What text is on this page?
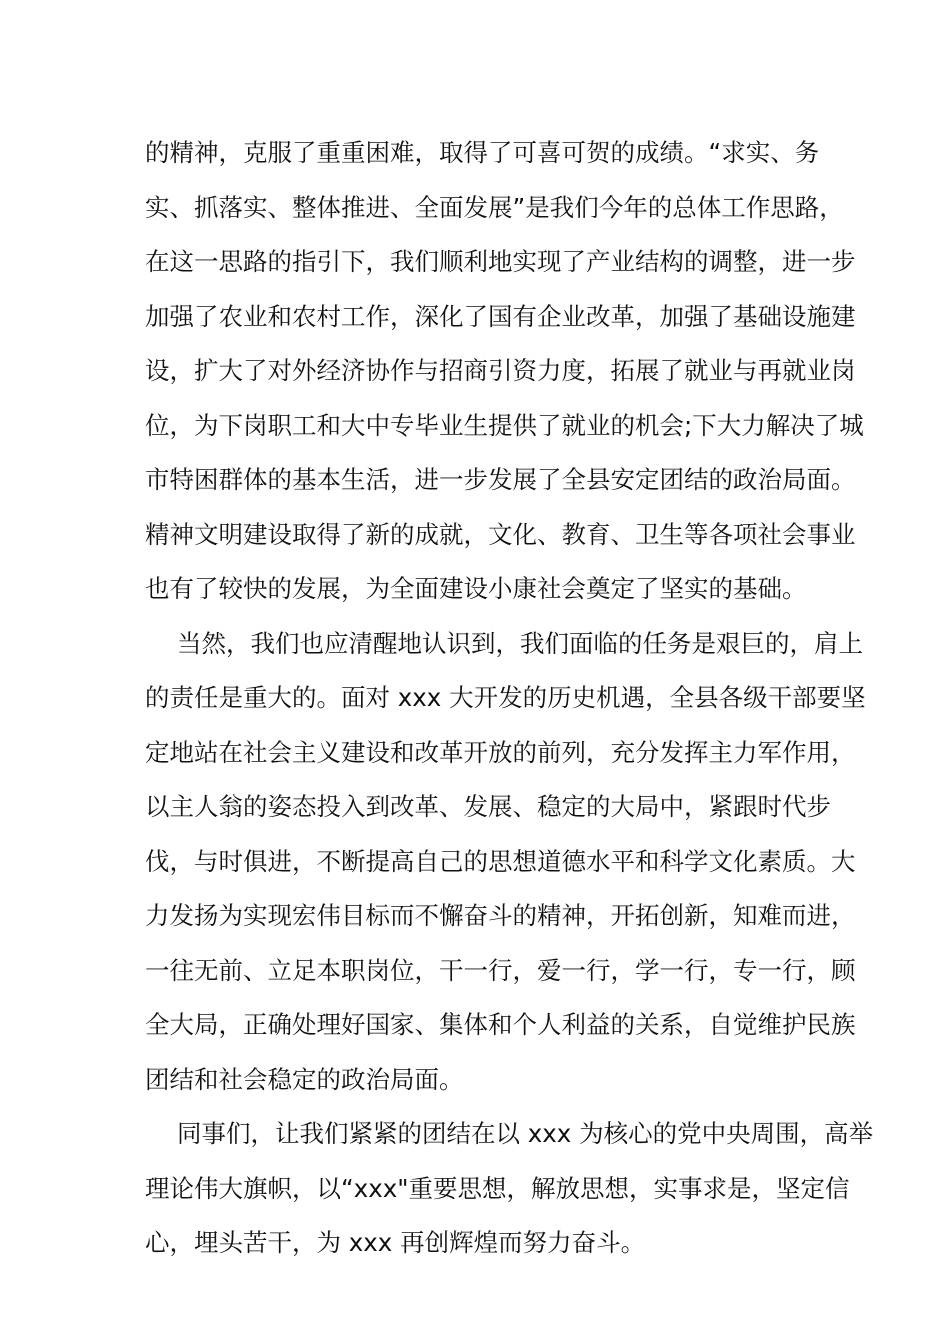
的精神，克服了重重困难，取得了可喜可贺的成绩。“求实、务
实、抓落实、整体推进、全面发展”是我们今年的总体工作思路，
在这一思路的指引下，我们顺利地实现了产业结构的调整，进一步
加强了农业和农村工作，深化了国有企业改革，加强了基础设施建
设，扩大了对外经济协作与招商引资力度，拓展了就业与再就业岗
位，为下岗职工和大中专毕业生提供了就业的机会;下大力解决了城
市特困群体的基本生活，进一步发展了全县安定团结的政治局面。
精神文明建设取得了新的成就，文化、教育、卫生等各项社会事业
也有了较快的发展，为全面建设小康社会奠定了坚实的基础。
当然，我们也应清醒地认识到，我们面临的任务是艰巨的，肩上
的责任是重大的。面对 xxx 大开发的历史机遇，全县各级干部要坚
定地站在社会主义建设和改革开放的前列，充分发挥主力军作用，
以主人翁的姿态投入到改革、发展、稳定的大局中，紧跟时代步
伐，与时俱进，不断提高自己的思想道德水平和科学文化素质。大
力发扬为实现宏伟目标而不懈奋斗的精神，开拓创新，知难而进，
一往无前、立足本职岗位，干一行，爱一行，学一行，专一行，顾
全大局，正确处理好国家、集体和个人利益的关系，自觉维护民族
团结和社会稳定的政治局面。
同事们，让我们紧紧的团结在以 xxx 为核心的党中央周围，高举
理论伟大旗帜，以“xxx"重要思想，解放思想，实事求是，坚定信
心，埋头苦干，为 xxx 再创辉煌而努力奋斗。
